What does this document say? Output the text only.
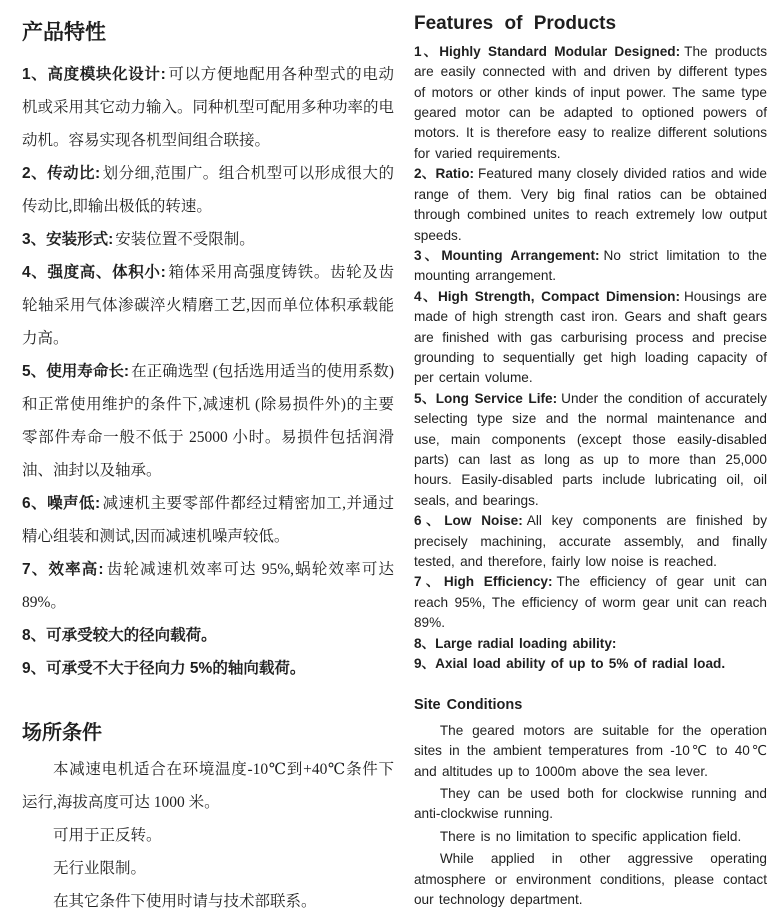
产品特性

1、高度模块化设计: 可以方便地配用各种型式的电动机或采用其它动力输入。同种机型可配用多种功率的电动机。容易实现各机型间组合联接。

2、传动比: 划分细,范围广。组合机型可以形成很大的传动比,即输出极低的转速。

3、安装形式: 安装位置不受限制。

4、强度高、体积小: 箱体采用高强度铸铁。齿轮及齿轮轴采用气体渗碳淬火精磨工艺,因而单位体积承载能力高。

5、使用寿命长: 在正确选型 (包括选用适当的使用系数)和正常使用维护的条件下,减速机 (除易损件外)的主要零部件寿命一般不低于 25000 小时。易损件包括润滑油、油封以及轴承。

6、噪声低: 减速机主要零部件都经过精密加工,并通过精心组装和测试,因而减速机噪声较低。

7、效率高: 齿轮减速机效率可达 95%,蜗轮效率可达 89%。

8、可承受较大的径向载荷。

9、可承受不大于径向力 5%的轴向载荷。

场所条件

本减速电机适合在环境温度-10℃到+40℃条件下运行,海拔高度可达 1000 米。

可用于正反转。

无行业限制。

在其它条件下使用时请与技术部联系。

Features of Products

1、Highly Standard Modular Designed: The products are easily connected with and driven by different types of motors or other kinds of input power. The same type geared motor can be adapted to optioned powers of motors. It is therefore easy to realize different solutions for varied requirements.

2、Ratio: Featured many closely divided ratios and wide range of them. Very big final ratios can be obtained through combined unites to reach extremely low output speeds.

3、Mounting Arrangement: No strict limitation to the mounting arrangement.

4、High Strength, Compact Dimension: Housings are made of high strength cast iron. Gears and shaft gears are finished with gas carburising process and precise grounding to sequentially get high loading capacity of per certain volume.

5、Long Service Life: Under the condition of accurately selecting type size and the normal maintenance and use, main components (except those easily-disabled parts) can last as long as up to more than 25,000 hours. Easily-disabled parts include lubricating oil, oil seals, and bearings.

6、Low Noise: All key components are finished by precisely machining, accurate assembly, and finally tested, and therefore, fairly low noise is reached.

7、High Efficiency: The efficiency of gear unit can reach 95%, The efficiency of worm gear unit can reach 89%.

8、Large radial loading ability:

9、Axial load ability of up to 5% of radial load.

Site Conditions

The geared motors are suitable for the operation sites in the ambient temperatures from -10℃ to 40℃ and altitudes up to 1000m above the sea lever.

They can be used both for clockwise running and anti-clockwise running.

There is no limitation to specific application field.

While applied in other aggressive operating atmosphere or environment conditions, please contact our technology department.
